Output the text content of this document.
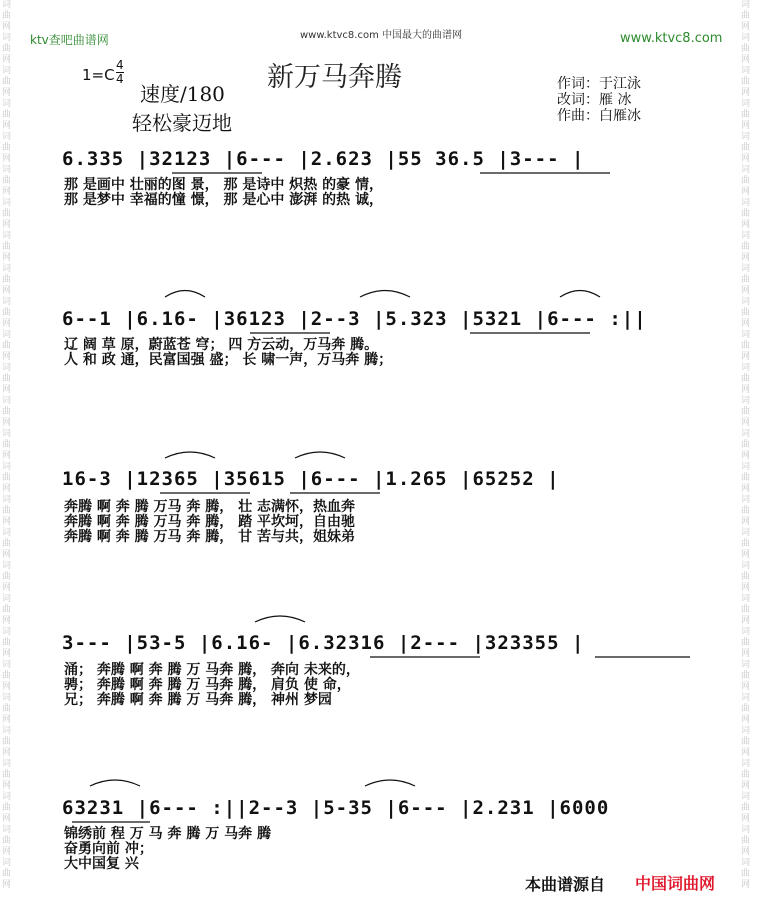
词
曲
网
词
曲
网
词
曲
网
词
曲
网
词
曲
网
词
曲
网
词
曲
网
词
曲
网
词
曲
网
词
曲
网
词
曲
网
词
曲
网
词
曲
网
词
曲
网
词
曲
网
词
曲
网
词
曲
网
词
曲
网
词
曲
网
词
曲
网
词
曲
网
词
曲
网
词
曲
网
词
曲
网
词
曲
网
词
曲
网
词
曲
网
词
曲
网
词
曲
网
词
曲
网
词
曲
网
词
曲
网
词
曲
网
词
曲
网
词
曲
网
词
曲
网
词
曲
网
词
曲
网
词
曲
网
词
曲
网
词
曲
网
词
曲
网
词
曲
网
词
曲
网
词
曲
网
词
曲
网
词
曲
网
词
曲
网
词
曲
网
词
曲
网
词
曲
网
词
曲
网
词
曲
网
词
曲
网
ktv查吧曲谱网	www.ktvc8.com 中国最大的曲谱网	www.ktvc8.com
新万马奔腾
1=C
4
4
速度/180
轻松豪迈地
作词：于江泳
改词：雁 冰
作曲：白雁冰
6.335 |32123 |6--- |2.623 |55 36.5 |3--- |
那 是画中 壮丽的图 景， 那 是诗中 炽热 的豪 情，
那 是梦中 幸福的憧 憬， 那 是心中 澎湃 的热 诚，
6--1 |6.16- |36123 |2--3 |5.323 |5321 |6--- :||
辽 阔 草 原，蔚蓝苍 穹； 四 方云动，万马奔 腾。
人 和 政 通，民富国强 盛； 长 啸一声，万马奔 腾；
16-3 |12365 |35615 |6--- |1.265 |65252 |
奔腾 啊 奔 腾 万马 奔 腾， 壮 志满怀，热血奔
奔腾 啊 奔 腾 万马 奔 腾， 踏 平坎坷，自由驰
奔腾 啊 奔 腾 万马 奔 腾， 甘 苦与共，姐妹弟
3--- |53-5 |6.16- |6.32316 |2--- |323355 |
涌； 奔腾 啊 奔 腾 万 马奔 腾， 奔向 未来的，
骋； 奔腾 啊 奔 腾 万 马奔 腾， 肩负 使 命，
兄； 奔腾 啊 奔 腾 万 马奔 腾， 神州 梦园
63231 |6--- :||2--3 |5-35 |6--- |2.231 |6000
锦绣前 程 万 马 奔 腾 万 马奔 腾
奋勇向前 冲；
大中国复 兴
本曲谱源自 中国词曲网
